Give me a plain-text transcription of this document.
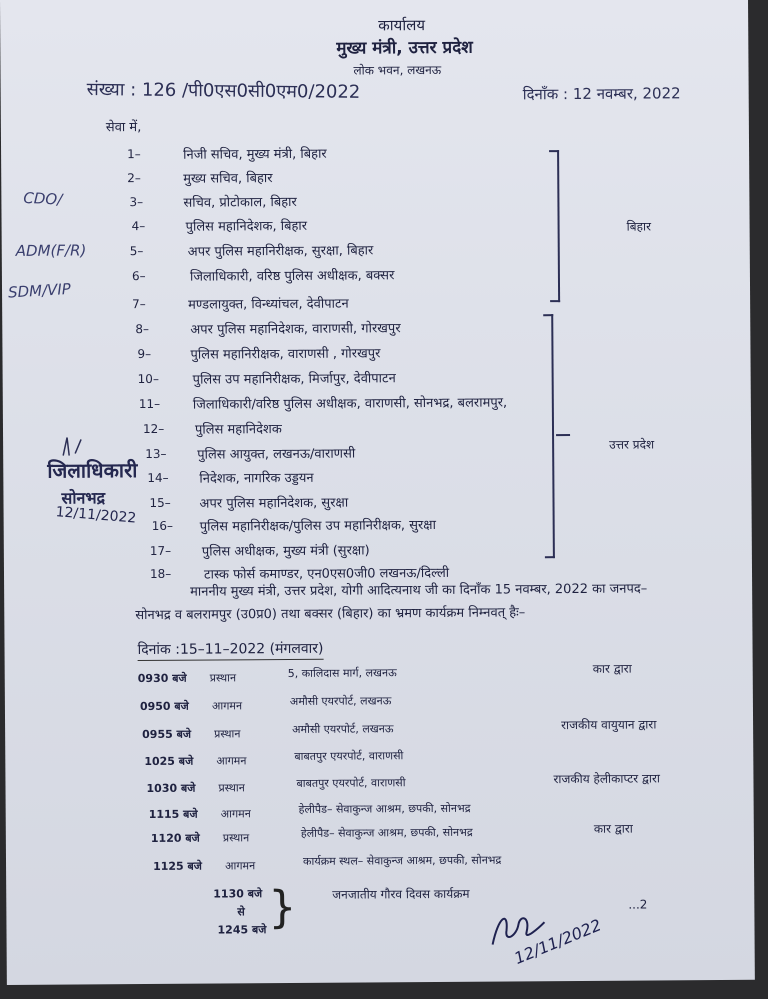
कार्यालय
मुख्य मंत्री, उत्तर प्रदेश
लोक भवन, लखनऊ
संख्या : 126 /पी0एस0सी0एम0/2022	दिनाँक : 12 नवम्बर, 2022
सेवा में,
1–	निजी सचिव, मुख्य मंत्री, बिहार
2–	मुख्य सचिव, बिहार
3–	सचिव, प्रोटोकाल, बिहार
4–	पुलिस महानिदेशक, बिहार
5–	अपर पुलिस महानिरीक्षक, सुरक्षा, बिहार
6–	जिलाधिकारी, वरिष्ठ पुलिस अधीक्षक, बक्सर
7–	मण्डलायुक्त, विन्ध्यांचल, देवीपाटन
8–	अपर पुलिस महानिदेशक, वाराणसी, गोरखपुर
9–	पुलिस महानिरीक्षक, वाराणसी , गोरखपुर
10–	पुलिस उप महानिरीक्षक, मिर्जापुर, देवीपाटन
11–	जिलाधिकारी/वरिष्ठ पुलिस अधीक्षक, वाराणसी, सोनभद्र, बलरामपुर,
12–	पुलिस महानिदेशक
13–	पुलिस आयुक्त, लखनऊ/वाराणसी
14–	निदेशक, नागरिक उड्डयन
15–	अपर पुलिस महानिदेशक, सुरक्षा
16–	पुलिस महानिरीक्षक/पुलिस उप महानिरीक्षक, सुरक्षा
17–	पुलिस अधीक्षक, मुख्य मंत्री (सुरक्षा)
18–	टास्क फोर्स कमाण्डर, एन0एस0जी0 लखनऊ/दिल्ली
बिहार
उत्तर प्रदेश
माननीय मुख्य मंत्री, उत्तर प्रदेश, योगी आदित्यनाथ जी का दिनाँक 15 नवम्बर, 2022 का जनपद–
सोनभद्र व बलरामपुर (उ0प्र0) तथा बक्सर (बिहार) का भ्रमण कार्यक्रम निम्नवत् हैः–
दिनांक :15–11–2022 (मंगलवार)
0930 बजे प्रस्थान	5, कालिदास मार्ग, लखनऊ	कार द्वारा
0950 बजे आगमन	अमौसी एयरपोर्ट, लखनऊ
0955 बजे प्रस्थान	अमौसी एयरपोर्ट, लखनऊ	राजकीय वायुयान द्वारा
1025 बजे आगमन	बाबतपुर एयरपोर्ट, वाराणसी
1030 बजे प्रस्थान	बाबतपुर एयरपोर्ट, वाराणसी	राजकीय हेलीकाप्टर द्वारा
1115 बजे आगमन	हेलीपैड– सेवाकुन्ज आश्रम, छपकी, सोनभद्र
1120 बजे प्रस्थान	हेलीपैड– सेवाकुन्ज आश्रम, छपकी, सोनभद्र	कार द्वारा
1125 बजे आगमन	कार्यक्रम स्थल– सेवाकुन्ज आश्रम, छपकी, सोनभद्र
1130 बजे
से
1245 बजे }	जनजातीय गौरव दिवस कार्यक्रम
...2
CDO/
ADM(F/R)
SDM/VIP
जिलाधिकारी
सोनभद्र
12/11/2022
12/11/2022
